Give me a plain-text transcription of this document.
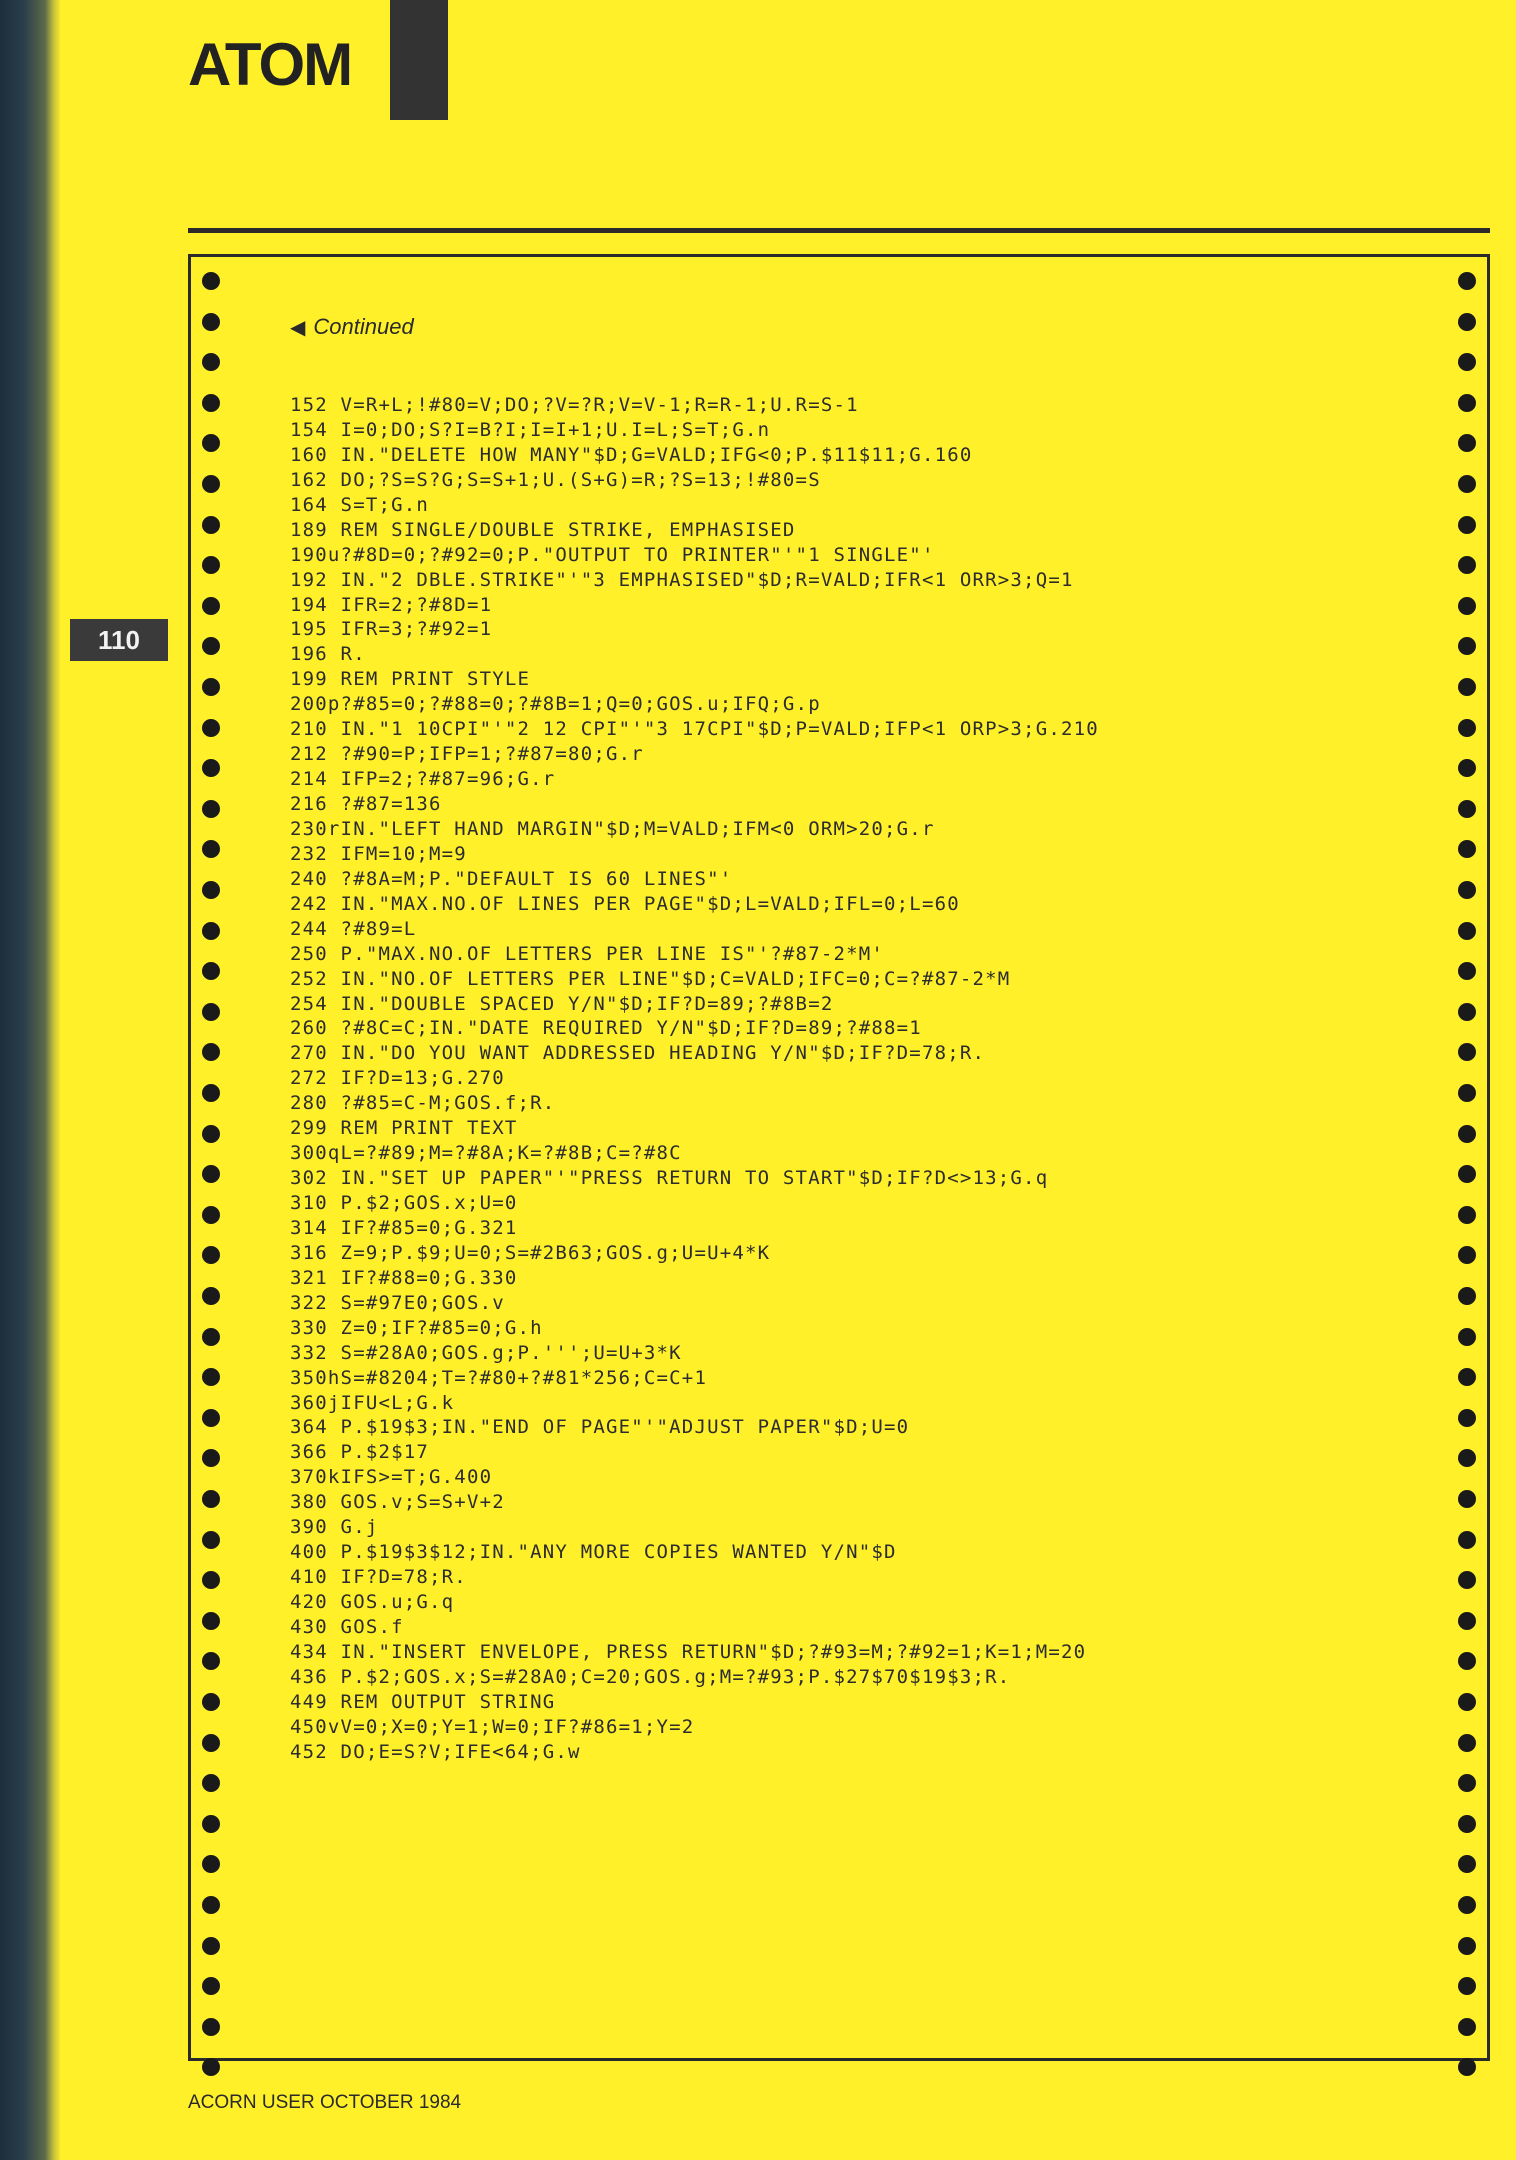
ATOM
110
◀ Continued
152 V=R+L;!#80=V;DO;?V=?R;V=V-1;R=R-1;U.R=S-1
154 I=0;DO;S?I=B?I;I=I+1;U.I=L;S=T;G.n
160 IN."DELETE HOW MANY"$D;G=VALD;IFG<0;P.$11$11;G.160
162 DO;?S=S?G;S=S+1;U.(S+G)=R;?S=13;!#80=S
164 S=T;G.n
189 REM SINGLE/DOUBLE STRIKE, EMPHASISED
190u?#8D=0;?#92=0;P."OUTPUT TO PRINTER"'"1 SINGLE"'
192 IN."2 DBLE.STRIKE"'"3 EMPHASISED"$D;R=VALD;IFR<1 ORR>3;Q=1
194 IFR=2;?#8D=1
195 IFR=3;?#92=1
196 R.
199 REM PRINT STYLE
200p?#85=0;?#88=0;?#8B=1;Q=0;GOS.u;IFQ;G.p
210 IN."1 10CPI"'"2 12 CPI"'"3 17CPI"$D;P=VALD;IFP<1 ORP>3;G.210
212 ?#90=P;IFP=1;?#87=80;G.r
214 IFP=2;?#87=96;G.r
216 ?#87=136
230rIN."LEFT HAND MARGIN"$D;M=VALD;IFM<0 ORM>20;G.r
232 IFM=10;M=9
240 ?#8A=M;P."DEFAULT IS 60 LINES"'
242 IN."MAX.NO.OF LINES PER PAGE"$D;L=VALD;IFL=0;L=60
244 ?#89=L
250 P."MAX.NO.OF LETTERS PER LINE IS"'?#87-2*M'
252 IN."NO.OF LETTERS PER LINE"$D;C=VALD;IFC=0;C=?#87-2*M
254 IN."DOUBLE SPACED Y/N"$D;IF?D=89;?#8B=2
260 ?#8C=C;IN."DATE REQUIRED Y/N"$D;IF?D=89;?#88=1
270 IN."DO YOU WANT ADDRESSED HEADING Y/N"$D;IF?D=78;R.
272 IF?D=13;G.270
280 ?#85=C-M;GOS.f;R.
299 REM PRINT TEXT
300qL=?#89;M=?#8A;K=?#8B;C=?#8C
302 IN."SET UP PAPER"'"PRESS RETURN TO START"$D;IF?D<>13;G.q
310 P.$2;GOS.x;U=0
314 IF?#85=0;G.321
316 Z=9;P.$9;U=0;S=#2B63;GOS.g;U=U+4*K
321 IF?#88=0;G.330
322 S=#97E0;GOS.v
330 Z=0;IF?#85=0;G.h
332 S=#28A0;GOS.g;P.''';U=U+3*K
350hS=#8204;T=?#80+?#81*256;C=C+1
360jIFU<L;G.k
364 P.$19$3;IN."END OF PAGE"'"ADJUST PAPER"$D;U=0
366 P.$2$17
370kIFS>=T;G.400
380 GOS.v;S=S+V+2
390 G.j
400 P.$19$3$12;IN."ANY MORE COPIES WANTED Y/N"$D
410 IF?D=78;R.
420 GOS.u;G.q
430 GOS.f
434 IN."INSERT ENVELOPE, PRESS RETURN"$D;?#93=M;?#92=1;K=1;M=20
436 P.$2;GOS.x;S=#28A0;C=20;GOS.g;M=?#93;P.$27$70$19$3;R.
449 REM OUTPUT STRING
450vV=0;X=0;Y=1;W=0;IF?#86=1;Y=2
452 DO;E=S?V;IFE<64;G.w
ACORN USER OCTOBER 1984
